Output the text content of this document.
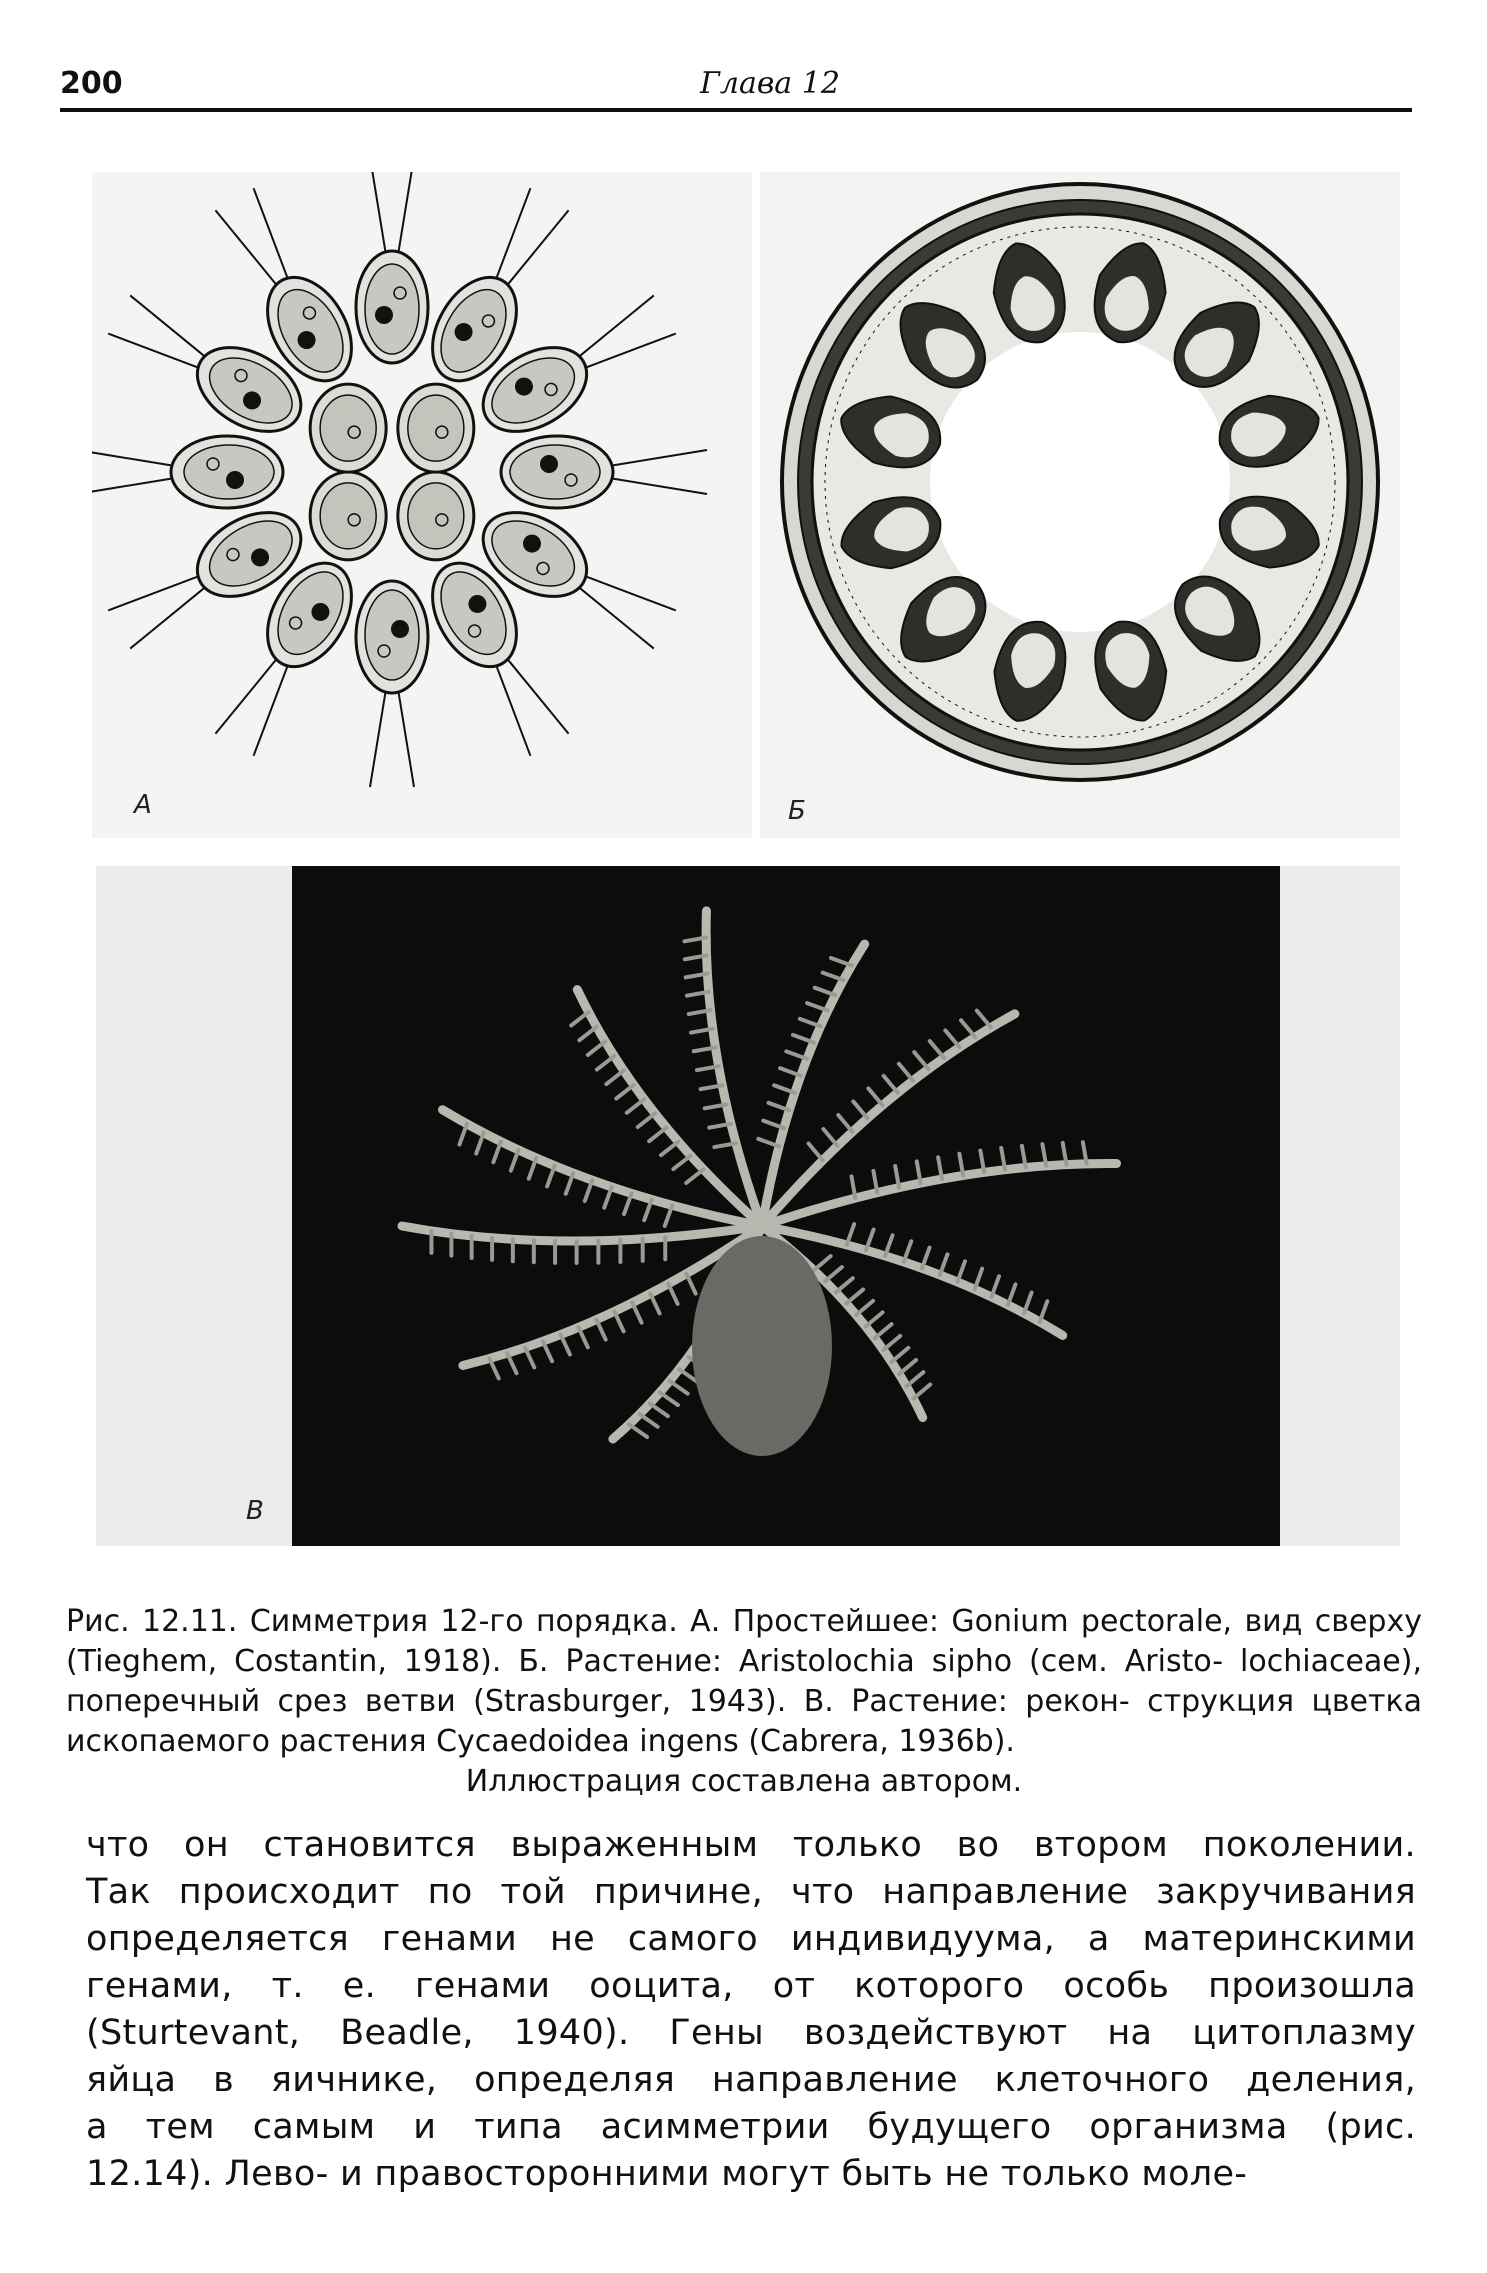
200	Глава 12
А	Б
В
Рис. 12.11. Симметрия 12-го порядка. А. Простейшее: Gonium pectorale, вид сверху (Tieghem, Costantin, 1918). Б. Растение: Aristolochia sipho (сем. Aristo- lochiaceae), поперечный срез ветви (Strasburger, 1943). В. Растение: рекон- струкция цветка ископаемого растения Cycaedoidea ingens (Cabrera, 1936b).
Иллюстрация составлена автором.
что он становится выраженным только во втором поколении.
Так происходит по той причине, что направление закручивания
определяется генами не самого индивидуума, а материнскими
генами, т. е. генами ооцита, от которого особь произошла
(Sturtevant, Beadle, 1940). Гены воздействуют на цитоплазму
яйца в яичнике, определяя направление клеточного деления,
а тем самым и типа асимметрии будущего организма (рис.
12.14). Лево- и правосторонними могут быть не только моле-
